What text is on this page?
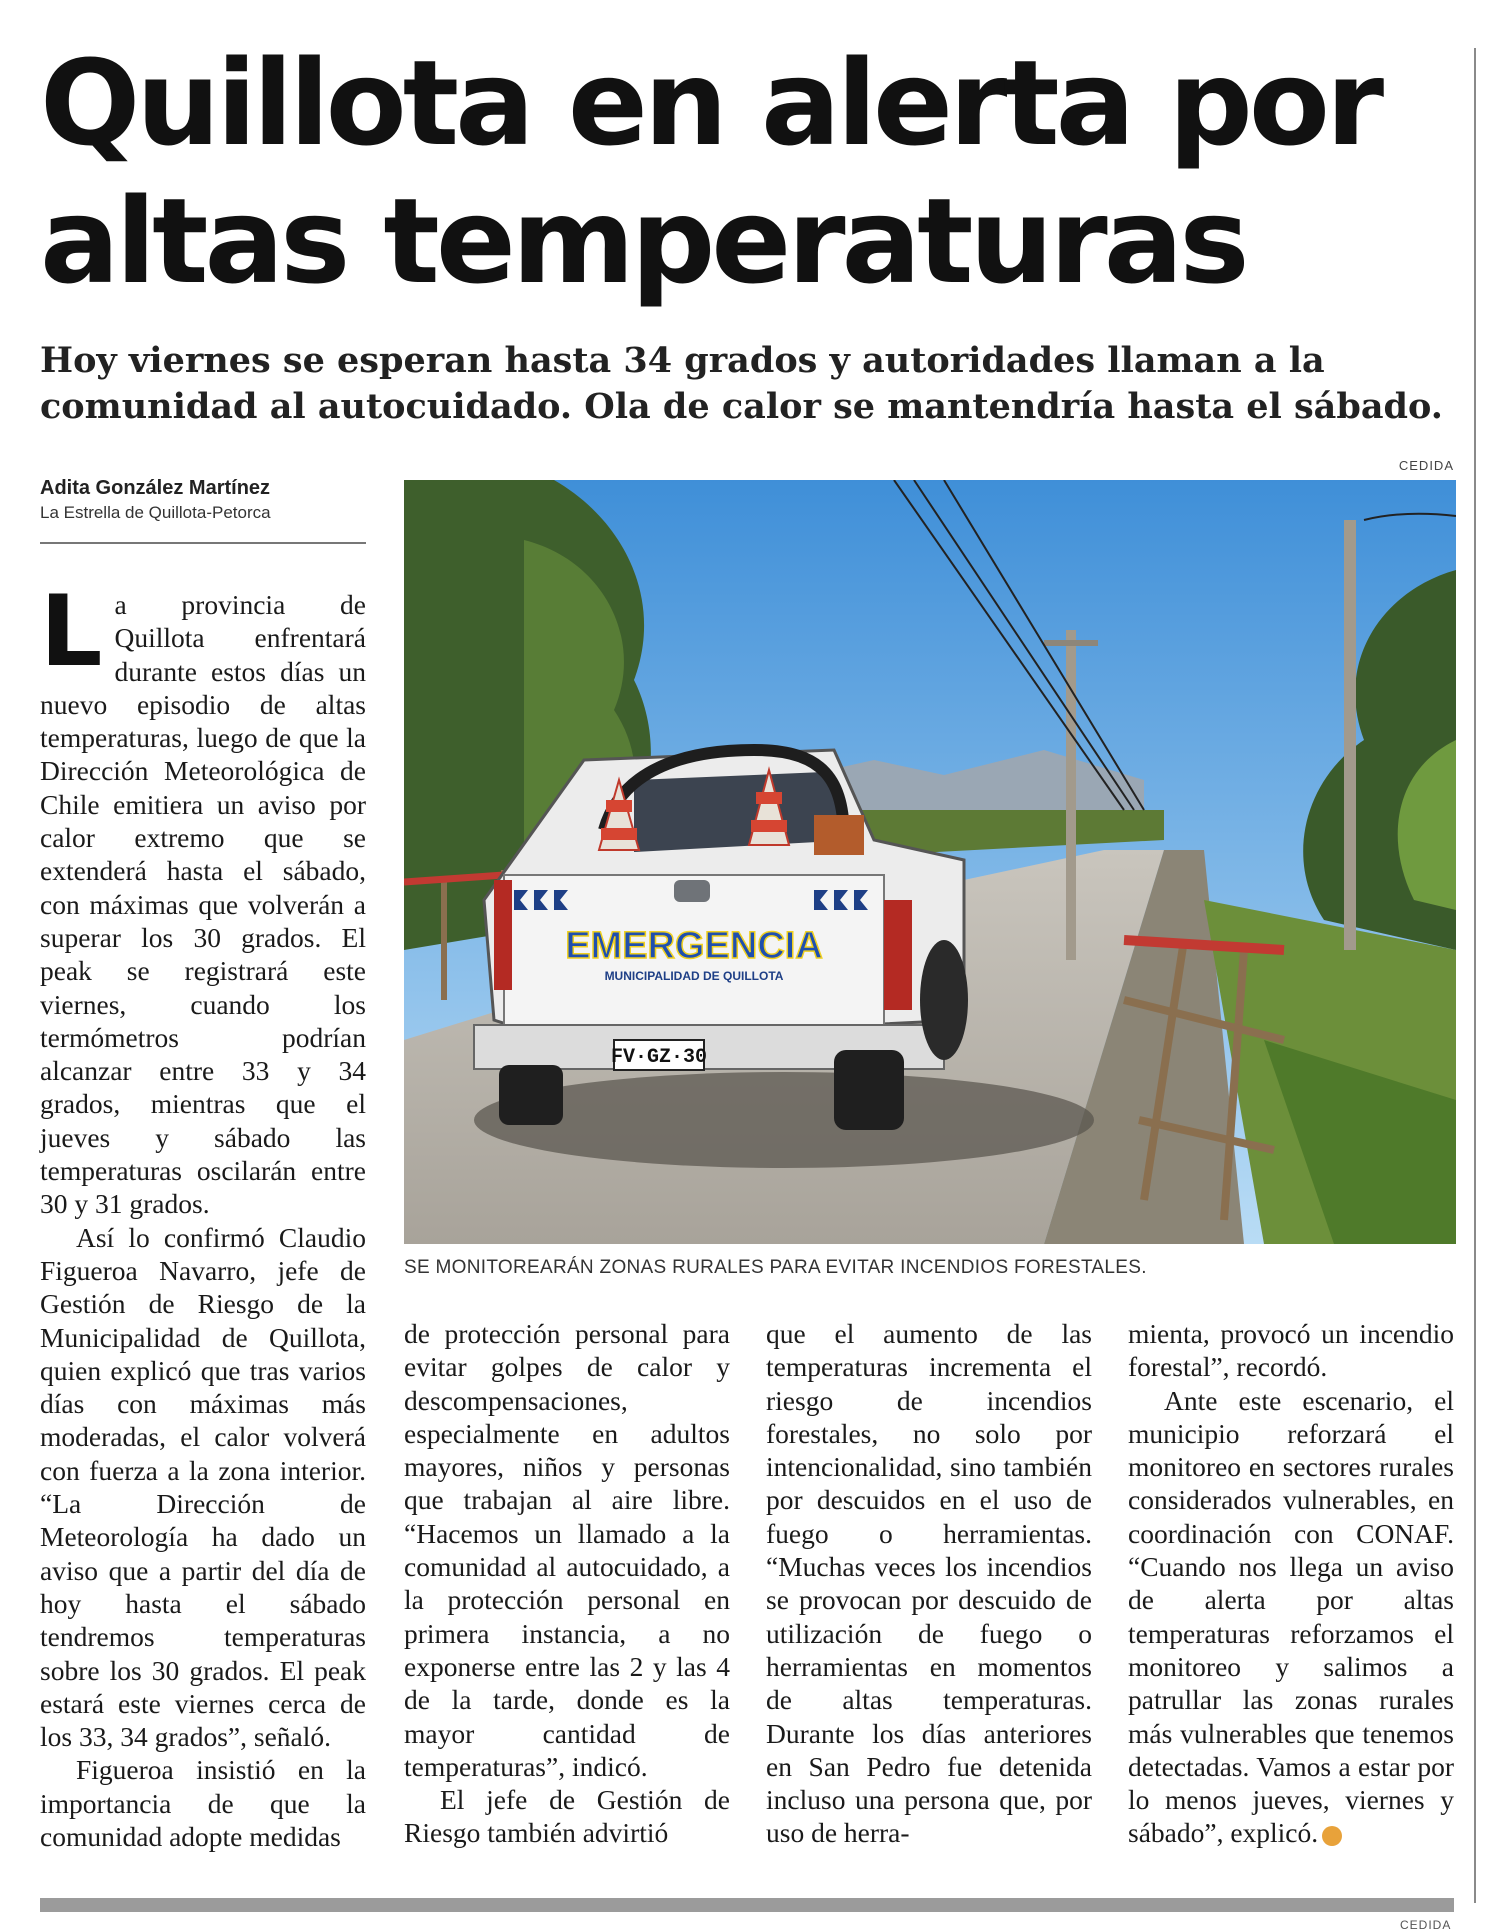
Quillota en alerta por altas temperaturas
Hoy viernes se esperan hasta 34 grados y autoridades llaman a la comunidad al autocuidado. Ola de calor se mantendría hasta el sábado.
Adita González Martínez
La Estrella de Quillota-Petorca

La provincia de Quillota enfrentará durante estos días un nuevo episodio de altas temperaturas, luego de que la Dirección Meteorológica de Chile emitiera un aviso por calor extremo que se extenderá hasta el sábado, con máximas que volverán a superar los 30 grados. El peak se registrará este viernes, cuando los termómetros podrían alcanzar entre 33 y 34 grados, mientras que el jueves y sábado las temperaturas oscilarán entre 30 y 31 grados.

Así lo confirmó Claudio Figueroa Navarro, jefe de Gestión de Riesgo de la Municipalidad de Quillota, quien explicó que tras varios días con máximas más moderadas, el calor volverá con fuerza a la zona interior. “La Dirección de Meteorología ha dado un aviso que a partir del día de hoy hasta el sábado tendremos temperaturas sobre los 30 grados. El peak estará este viernes cerca de los 33, 34 grados”, señaló.

Figueroa insistió en la importancia de que la comunidad adopte medidas

CEDIDA
EMERGENCIA
MUNICIPALIDAD DE QUILLOTA
FV·GZ·30
SE MONITOREARÁN ZONAS RURALES PARA EVITAR INCENDIOS FORESTALES.

de protección personal para evitar golpes de calor y descompensaciones, especialmente en adultos mayores, niños y personas que trabajan al aire libre. “Hacemos un llamado a la comunidad al autocuidado, a la protección personal en primera instancia, a no exponerse entre las 2 y las 4 de la tarde, donde es la mayor cantidad de temperaturas”, indicó.

El jefe de Gestión de Riesgo también advirtió

que el aumento de las temperaturas incrementa el riesgo de incendios forestales, no solo por intencionalidad, sino también por descuidos en el uso de fuego o herramientas. “Muchas veces los incendios se provocan por descuido de utilización de fuego o herramientas en momentos de altas temperaturas. Durante los días anteriores en San Pedro fue detenida incluso una persona que, por uso de herra-

mienta, provocó un incendio forestal”, recordó.

Ante este escenario, el municipio reforzará el monitoreo en sectores rurales considerados vulnerables, en coordinación con CONAF. “Cuando nos llega un aviso de alerta por altas temperaturas reforzamos el monitoreo y salimos a patrullar las zonas rurales más vulnerables que tenemos detectadas. Vamos a estar por lo menos jueves, viernes y sábado”, explicó.

CEDIDA
